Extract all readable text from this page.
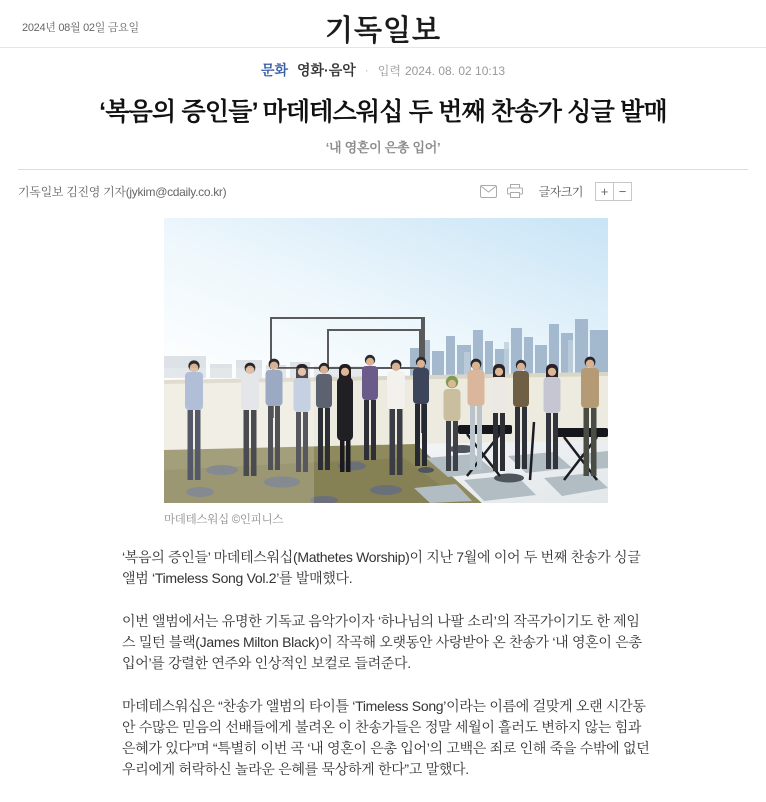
2024년 08월 02일 금요일	기독일보
문화 영화·음악 · 입력 2024. 08. 02 10:13
‘복음의 증인들’ 마데테스워십 두 번째 찬송가 싱글 발매
‘내 영혼이 은총 입어’
기독일보 김진영 기자(jykim@cdaily.co.kr)	글자크기	+ −
마데테스워십 ©인피니스

‘복음의 증인들’ 마데테스워십(Mathetes Worship)이 지난 7월에 이어 두 번째 찬송가 싱글 앨범 ‘Timeless Song Vol.2’를 발매했다.

이번 앨범에서는 유명한 기독교 음악가이자 ‘하나님의 나팔 소리’의 작곡가이기도 한 제임스 밀턴 블랙(James Milton Black)이 작곡해 오랫동안 사랑받아 온 찬송가 ‘내 영혼이 은총 입어’를 강렬한 연주와 인상적인 보컬로 들려준다.

마데테스워십은 “찬송가 앨범의 타이틀 ‘Timeless Song’이라는 이름에 걸맞게 오랜 시간동안 수많은 믿음의 선배들에게 불려온 이 찬송가들은 정말 세월이 흘러도 변하지 않는 힘과 은혜가 있다”며 “특별히 이번 곡 ‘내 영혼이 은총 입어’의 고백은 죄로 인해 죽을 수밖에 없던 우리에게 허락하신 놀라운 은혜를 묵상하게 한다”고 말했다.
